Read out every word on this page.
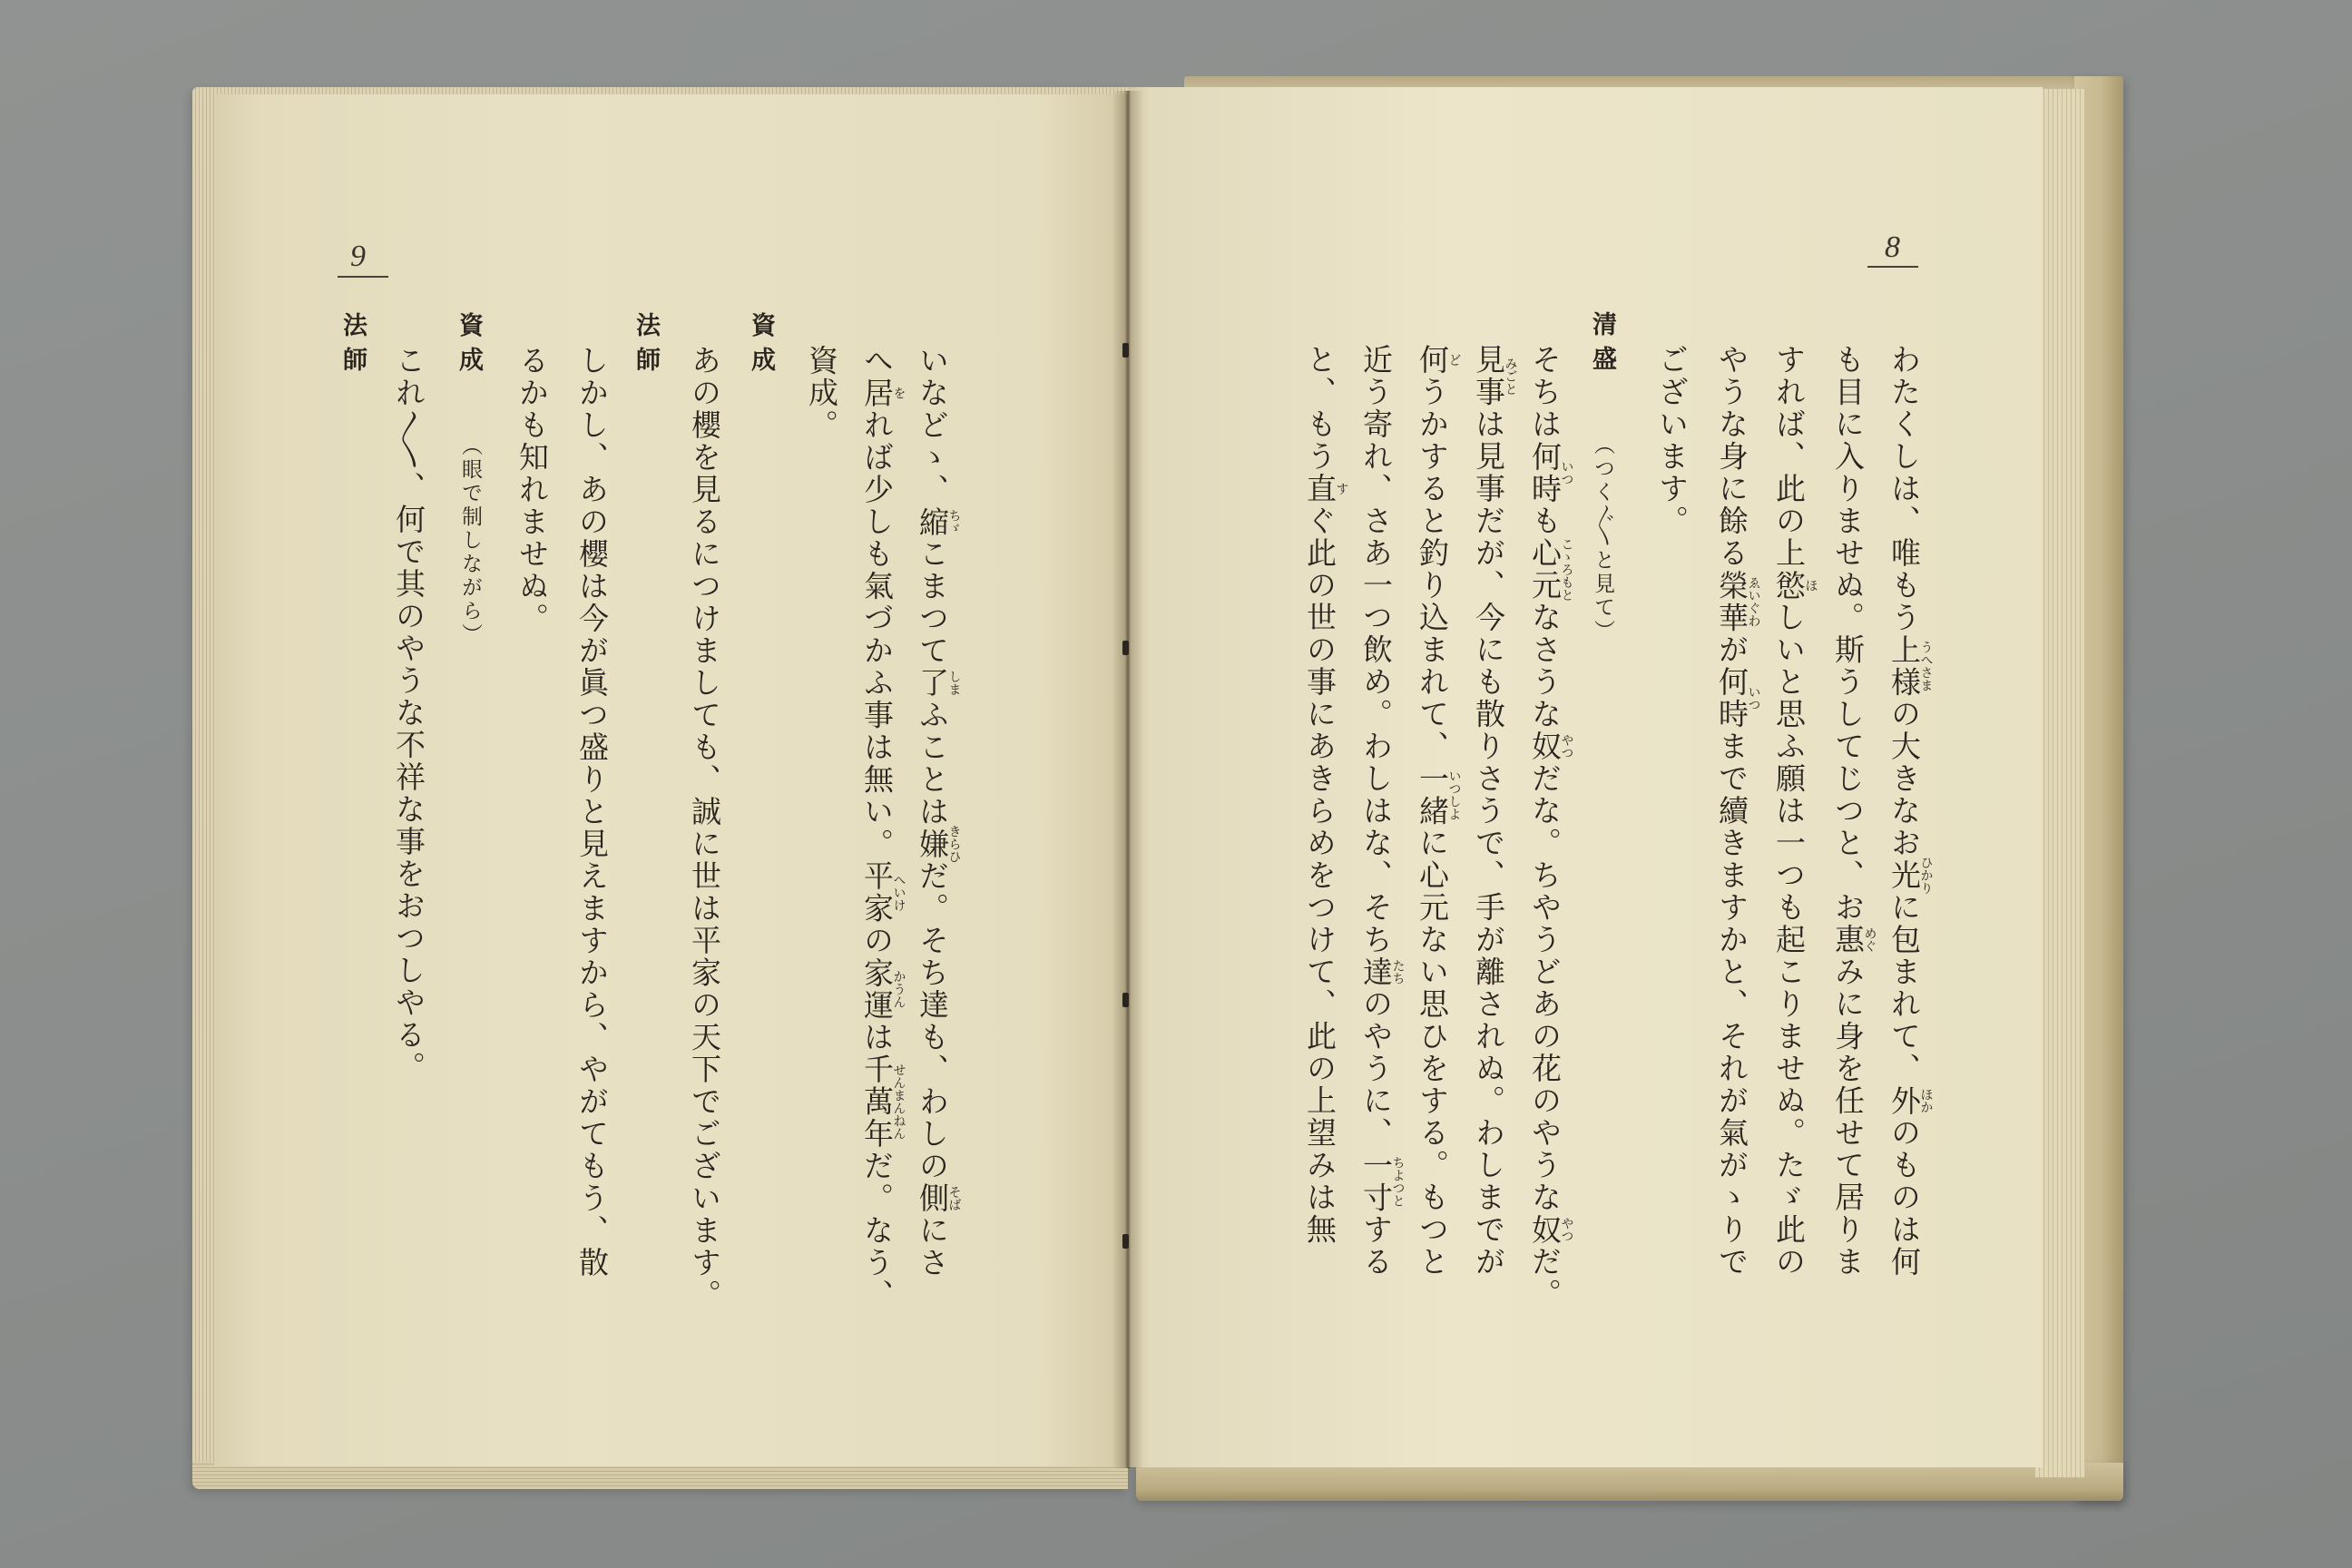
9
いなどゝ、縮ちゞこまつて了しまふことは嫌きらひだ。そち達も、わしの側そばにさ
へ居をれば少しも氣づかふ事は無い。平家へいけの家運かうんは千萬年せんまんねんだ。なう、
資成。
資成
あの櫻を見るにつけましても、誠に世は平家の天下でございます。
法師
しかし、あの櫻は今が眞つ盛りと見えますから、やがてもう、散
るかも知れませぬ。
資成
（眼で制しながら）
これ〳〵、何で其のやうな不祥な事をおつしやる。
法師
8
わたくしは、唯もう上様うへさまの大きなお光ひかりに包まれて、外ほかのものは何
も目に入りませぬ。斯うしてじつと、お惠めぐみに身を任せて居りま
すれば、此の上慾ほしいと思ふ願は一つも起こりませぬ。たゞ此の
やうな身に餘る榮華ゑいぐわが何時いつまで續きますかと、それが氣がゝりで
ございます。
清盛
（つく〴〵と見て）
そちは何時いつも心元こゝろもとなさうな奴やつだな。ちやうどあの花のやうな奴やつだ。
見事みごとは見事だが、今にも散りさうで、手が離されぬ。わしまでが
何どうかすると釣り込まれて、一緒いつしよに心元ない思ひをする。もつと
近う寄れ、さあ一つ飲め。わしはな、そち達たちのやうに、一寸ちよつとする
と、もう直すぐ此の世の事にあきらめをつけて、此の上望みは無
